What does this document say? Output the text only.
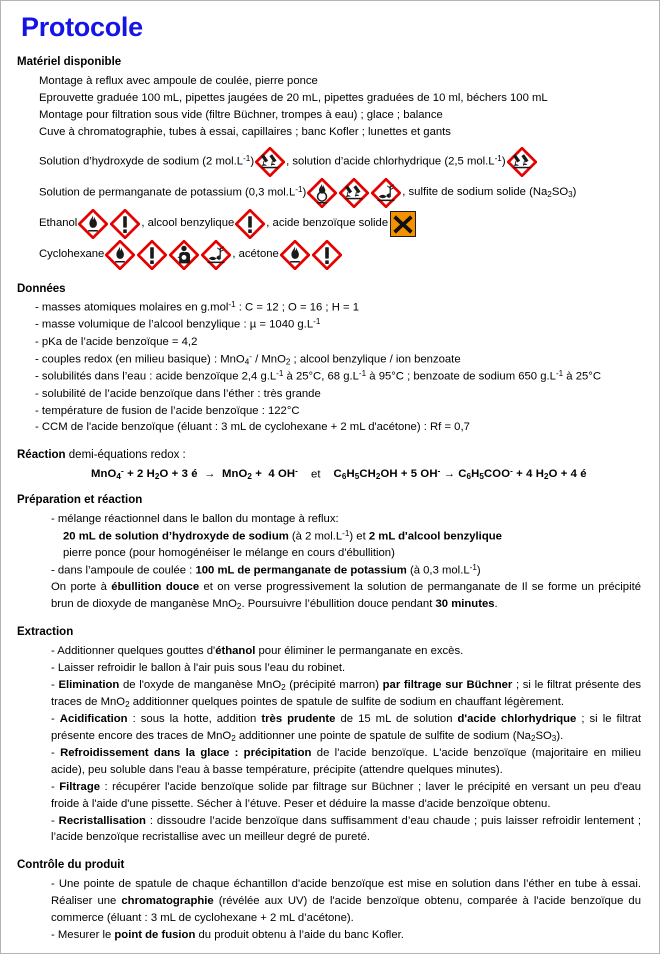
Protocole
Matériel disponible
Montage à reflux avec ampoule de coulée, pierre ponce
Eprouvette graduée 100 mL, pipettes jaugées de 20 mL, pipettes graduées de 10 ml, béchers 100 mL
Montage pour filtration sous vide (filtre Büchner, trompes à eau) ; glace ; balance
Cuve à chromatographie, tubes à essai, capillaires ; banc Kofler ; lunettes et gants
Solution d’hydroxyde de sodium (2 $mol.L^{-1}$)	, solution d’acide chlorhydrique (2,5 $mol.L^{-1}$)
Solution de permanganate de potassium (0,3 $mol.L^{-1}$)	, sulfite de sodium solide $(Na_2SO_3)$
Ethanol	, alcool benzylique	, acide benzoïque solide
Cyclohexane	, acétone
Données
- masses atomiques molaires en g.mol$^{-1}$ : C = 12 ; O = 16 ; H = 1
- masse volumique de l’alcool benzylique : µ = 1040 $g.L^{-1}$
- pKa de l’acide benzoïque = 4,2
- couples redox (en milieu basique) : MnO$_4$- / MnO$_2$ ; alcool benzylique / ion benzoate
- solubilités dans l’eau : acide benzoïque 2,4 $g.L^{-1}$ à 25°C, 68 $g.L^{-1}$ à 95°C ; benzoate de sodium 650 $g.L^{-1}$ à 25°C
- solubilité de l’acide benzoïque dans l’éther : très grande
- température de fusion de l’acide benzoïque : 122°C
- CCM de l'acide benzoïque (éluant : 3 mL de cyclohexane + 2 mL d'acétone) : Rf = 0,7
Réaction demi-équations redox :
MnO$_4$- + 2 $H_2O + 3$ é  →  MnO$_2$ +  4 OH-    et    $C_6H_5CH_2OH + 5$ $OH^- \to C_6H_5COO^- + 4$ $H_2O + 4$ é
Préparation et réaction
- mélange réactionnel dans le ballon du montage à reflux:
20 mL de solution d’hydroxyde de sodium (à 2 $mol.L^{-1}$) et 2 mL d'alcool benzylique
pierre ponce (pour homogénéiser le mélange en cours d'ébullition)
- dans l’ampoule de coulée : 100 mL de permanganate de potassium (à 0,3 $mol.L^{-1}$)
On porte à ébullition douce et on verse progressivement la solution de permanganate de Il se forme un précipité brun de dioxyde de manganèse MnO$_2$. Poursuivre l’ébullition douce pendant 30 minutes.
Extraction
- Additionner quelques gouttes d'éthanol pour éliminer le permanganate en excès.
- Laisser refroidir le ballon à l'air puis sous l’eau du robinet.
- Elimination de l'oxyde de manganèse MnO$_2$ (précipité marron) par filtrage sur Büchner ; si le filtrat présente des traces de MnO$_2$ additionner quelques pointes de spatule de sulfite de sodium en chauffant légèrement.
- Acidification : sous la hotte, addition très prudente de 15 mL de solution d'acide chlorhydrique ; si le filtrat présente encore des traces de MnO$_2$ additionner une pointe de spatule de sulfite de sodium $(Na_2SO_3)$.
- Refroidissement dans la glace : précipitation de l'acide benzoïque. L'acide benzoïque (majoritaire en milieu acide), peu soluble dans l'eau à basse température, précipite (attendre quelques minutes).
- Filtrage : récupérer l'acide benzoïque solide par filtrage sur Büchner ; laver le précipité en versant un peu d'eau froide à l'aide d'une pissette. Sécher à l’étuve. Peser et déduire la masse d'acide benzoïque obtenu.
- Recristallisation : dissoudre l’acide benzoïque dans suffisamment d’eau chaude ; puis laisser refroidir lentement ; l’acide benzoïque recristallise avec un meilleur degré de pureté.
Contrôle du produit
- Une pointe de spatule de chaque échantillon d'acide benzoïque est mise en solution dans l’éther en tube à essai. Réaliser une chromatographie (révélée aux UV) de l'acide benzoïque obtenu, comparée à l'acide benzoïque du commerce (éluant : 3 mL de cyclohexane + 2 mL d’acétone).
- Mesurer le point de fusion du produit obtenu à l’aide du banc Kofler.
